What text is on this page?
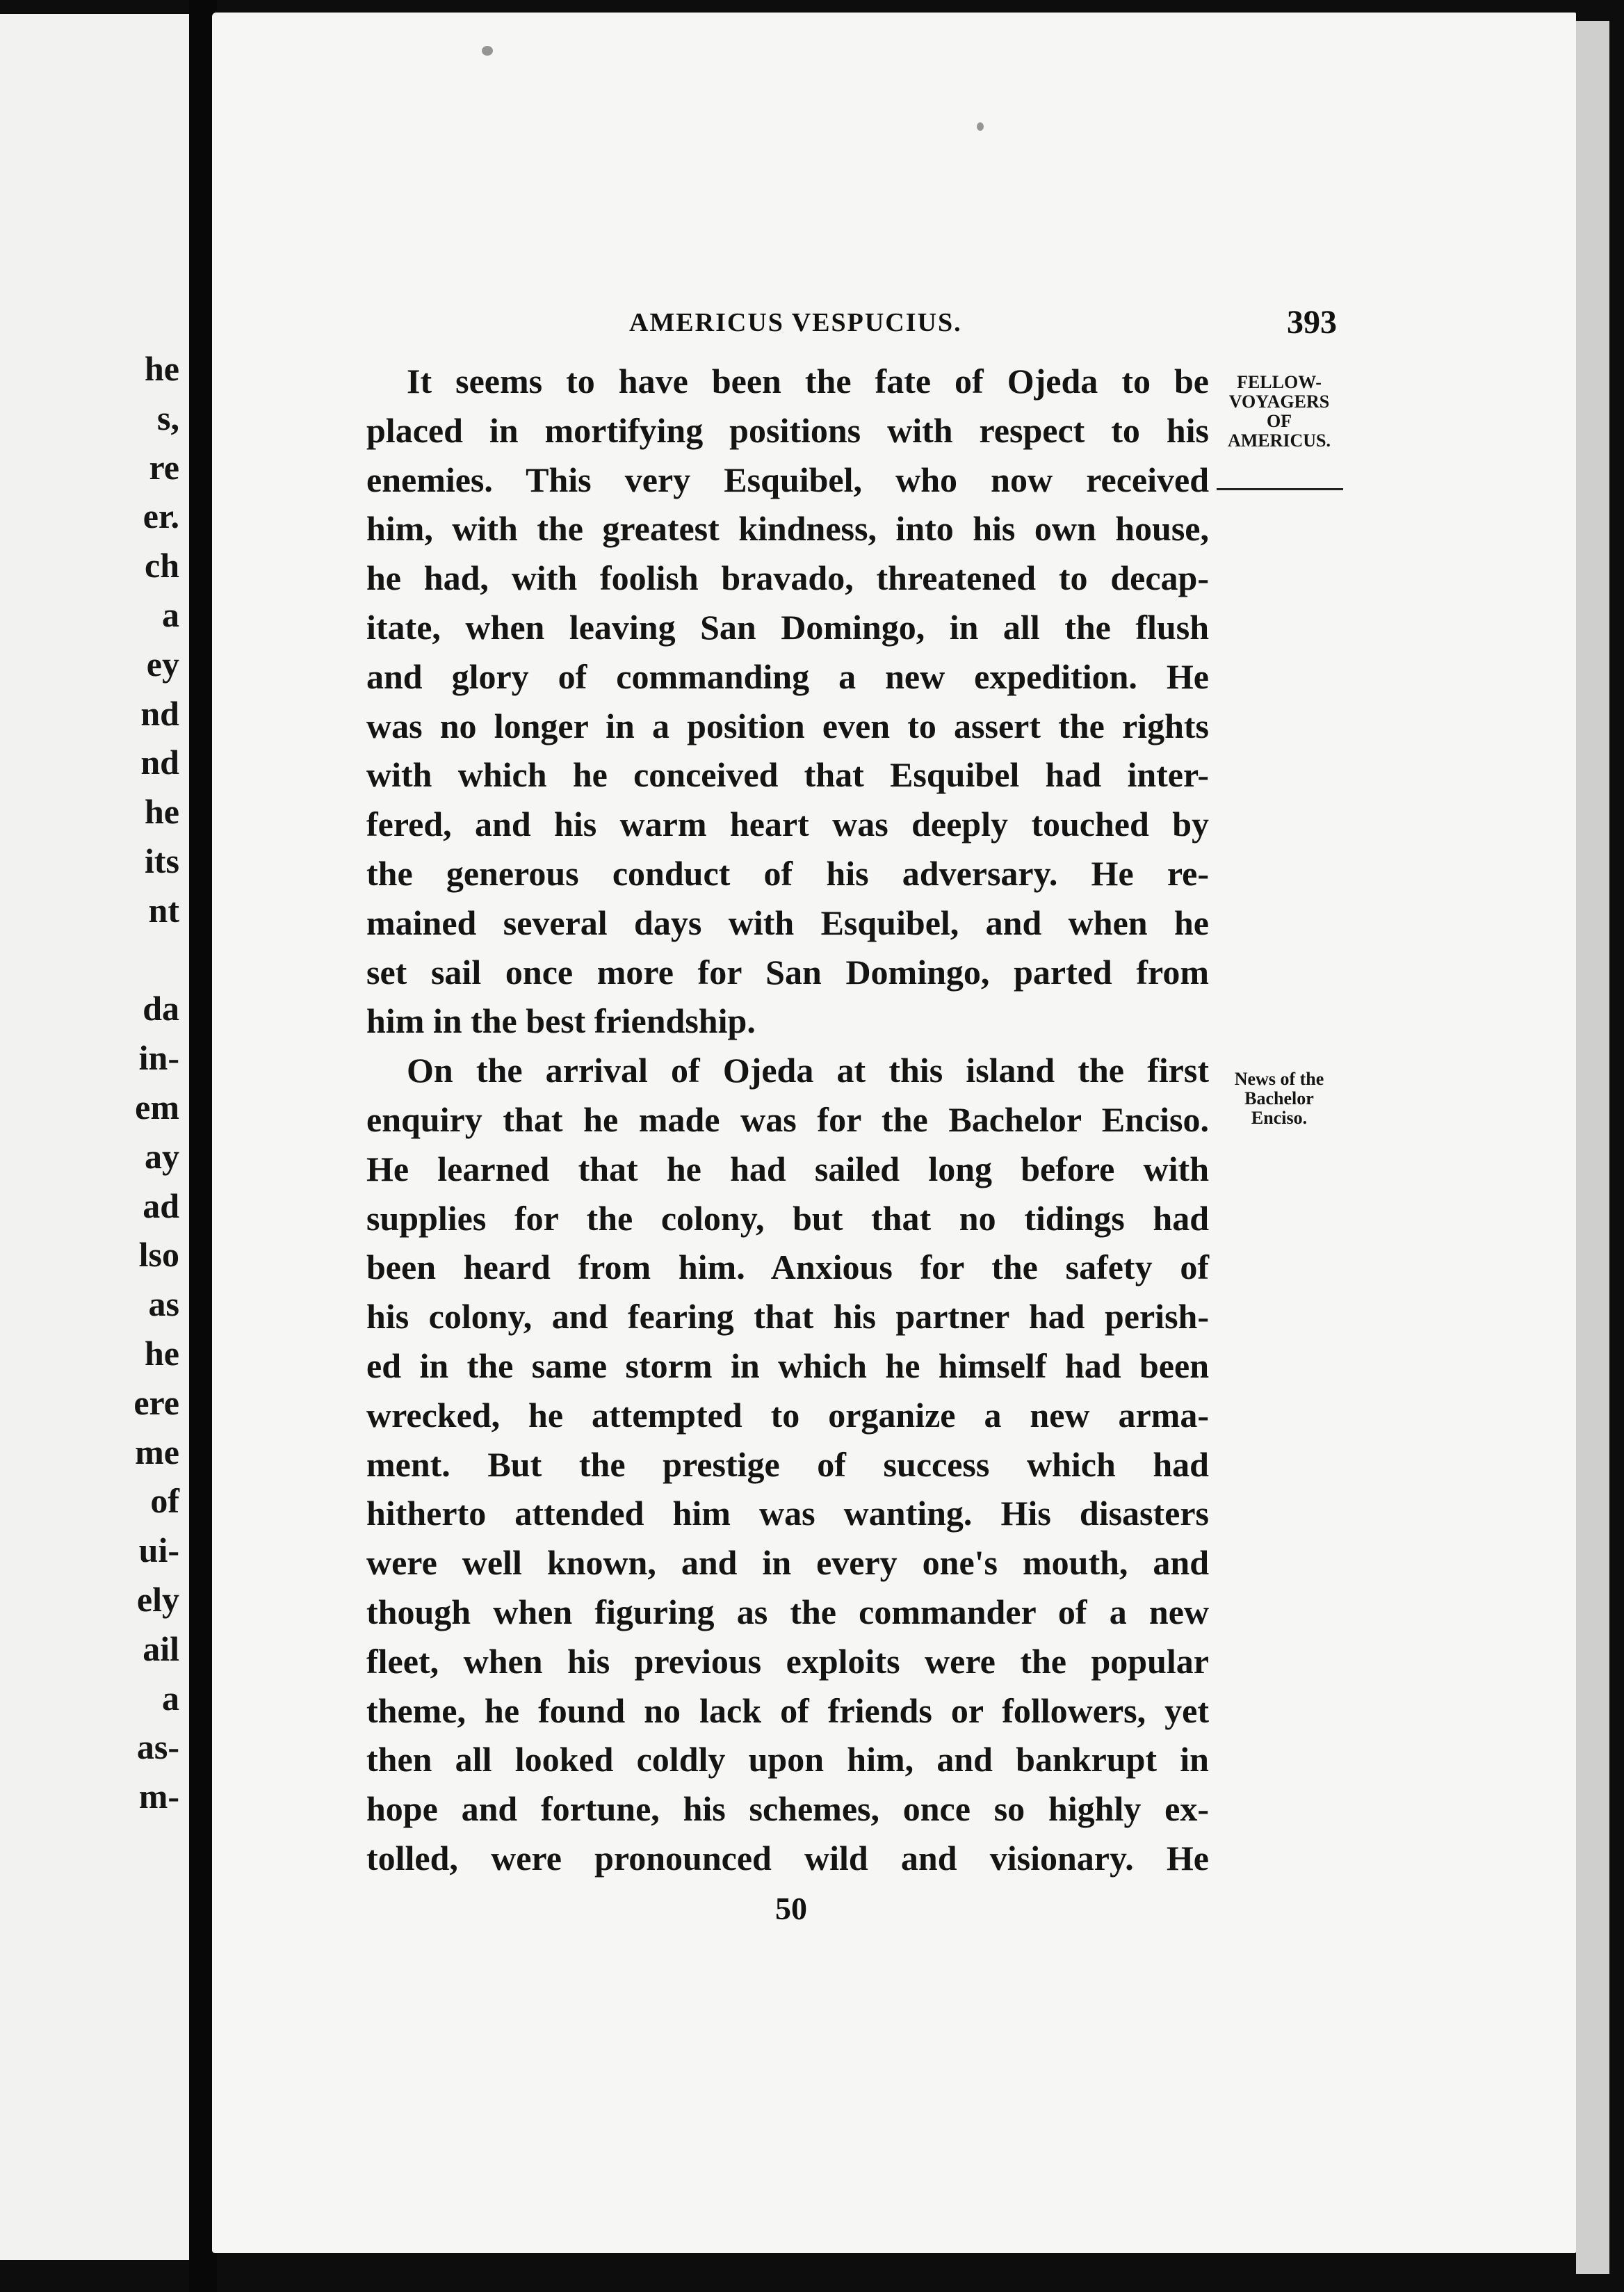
he
s,
re
er.
ch
a
ey
nd
nd
he
its
nt
da
in-
em
ay
ad
lso
as
he
ere
me
of
ui-
ely
ail
a
as-
m-
AMERICUS VESPUCIUS.	393
FELLOW-
VOYAGERS
OF
AMERICUS.
News of the
Bachelor
Enciso.
It seems to have been the fate of Ojeda to be
placed in mortifying positions with respect to his
enemies. This very Esquibel, who now received
him, with the greatest kindness, into his own house,
he had, with foolish bravado, threatened to decap-
itate, when leaving San Domingo, in all the flush
and glory of commanding a new expedition. He
was no longer in a position even to assert the rights
with which he conceived that Esquibel had inter-
fered, and his warm heart was deeply touched by
the generous conduct of his adversary. He re-
mained several days with Esquibel, and when he
set sail once more for San Domingo, parted from
him in the best friendship.
On the arrival of Ojeda at this island the first
enquiry that he made was for the Bachelor Enciso.
He learned that he had sailed long before with
supplies for the colony, but that no tidings had
been heard from him. Anxious for the safety of
his colony, and fearing that his partner had perish-
ed in the same storm in which he himself had been
wrecked, he attempted to organize a new arma-
ment. But the prestige of success which had
hitherto attended him was wanting. His disasters
were well known, and in every one's mouth, and
though when figuring as the commander of a new
fleet, when his previous exploits were the popular
theme, he found no lack of friends or followers, yet
then all looked coldly upon him, and bankrupt in
hope and fortune, his schemes, once so highly ex-
tolled, were pronounced wild and visionary. He
50
